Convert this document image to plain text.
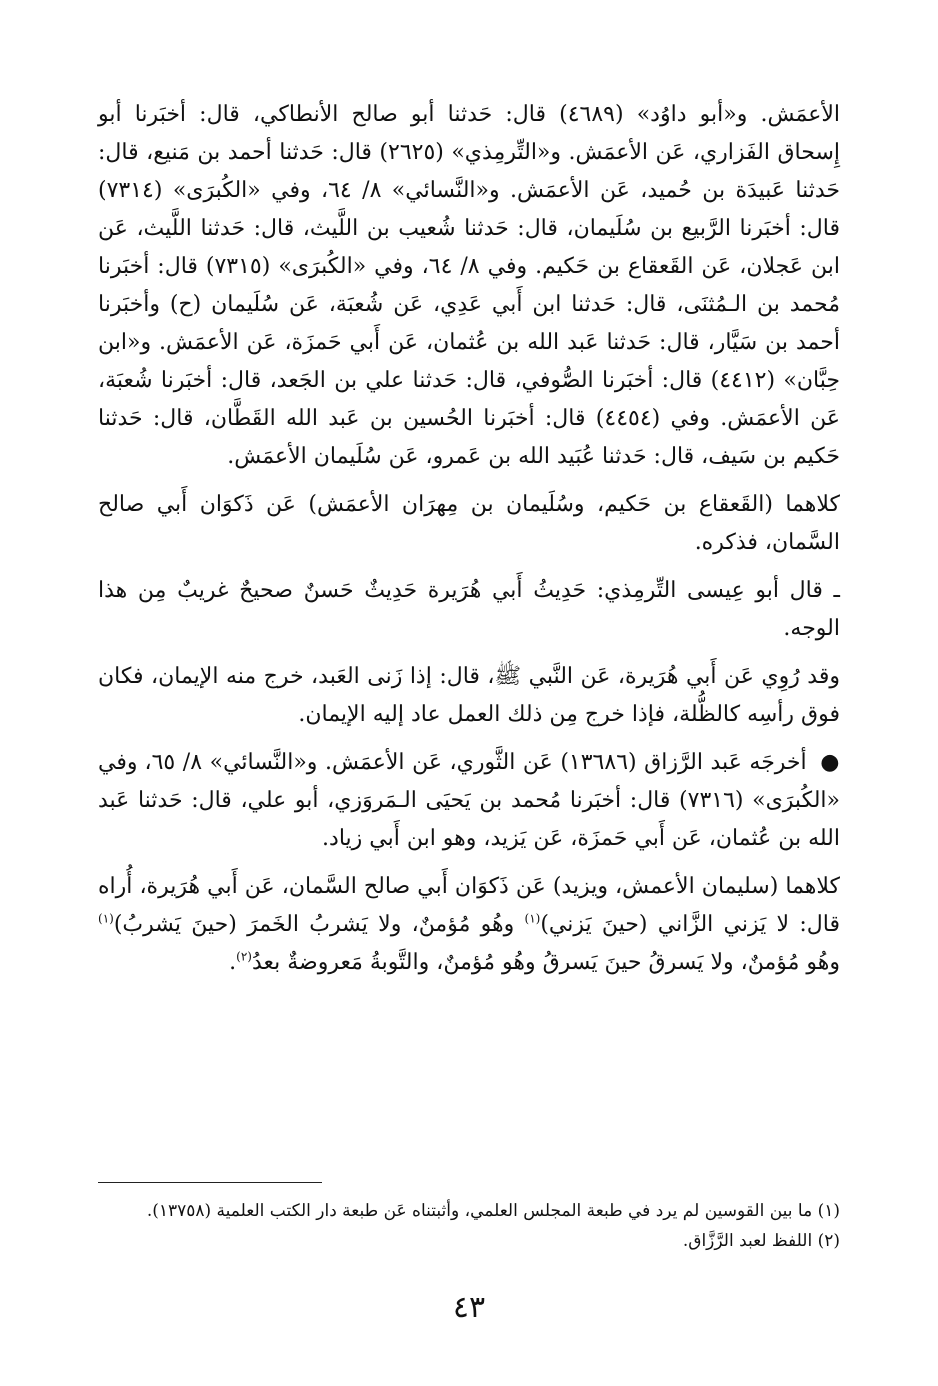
الأعمَش. و«أبو داوُد» (٤٦٨٩) قال: حَدثنا أبو صالح الأنطاكي، قال: أخبَرنا أبو إِسحاق الفَزاري، عَن الأعمَش. و«التِّرمِذي» (٢٦٢٥) قال: حَدثنا أحمد بن مَنيع، قال: حَدثنا عَبيدَة بن حُميد، عَن الأعمَش. و«النَّسائي» ٨/ ٦٤، وفي «الكُبرَى» (٧٣١٤) قال: أخبَرنا الرَّبيع بن سُلَيمان، قال: حَدثنا شُعيب بن اللَّيث، قال: حَدثنا اللَّيث، عَن ابن عَجلان، عَن القَعقاع بن حَكيم. وفي ٨/ ٦٤، وفي «الكُبرَى» (٧٣١٥) قال: أخبَرنا مُحمد بن الـمُثنَى، قال: حَدثنا ابن أَبي عَدِي، عَن شُعبَة، عَن سُلَيمان (ح) وأخبَرنا أحمد بن سَيَّار، قال: حَدثنا عَبد الله بن عُثمان، عَن أَبي حَمزَة، عَن الأعمَش. و«ابن حِبَّان» (٤٤١٢) قال: أخبَرنا الصُّوفي، قال: حَدثنا علي بن الجَعد، قال: أخبَرنا شُعبَة، عَن الأعمَش. وفي (٤٤٥٤) قال: أخبَرنا الحُسين بن عَبد الله القَطَّان، قال: حَدثنا حَكيم بن سَيف، قال: حَدثنا عُبَيد الله بن عَمرو، عَن سُلَيمان الأعمَش.

كلاهما (القَعقاع بن حَكيم، وسُلَيمان بن مِهرَان الأعمَش) عَن ذَكوَان أَبي صالح السَّمان، فذكره.

ـ قال أبو عِيسى التِّرمِذي: حَدِيثُ أَبي هُرَيرة حَدِيثٌ حَسنٌ صحيحٌ غريبٌ مِن هذا الوجه.

وقد رُوِي عَن أَبي هُرَيرة، عَن النَّبي ﷺ، قال: إذا زَنى العَبد، خرج منه الإيمان، فكان فوق رأسِه كالظُّلة، فإذا خرج مِن ذلك العمل عاد إليه الإيمان.

● أخرجَه عَبد الرَّزاق (١٣٦٨٦) عَن الثَّوري، عَن الأعمَش. و«النَّسائي» ٨/ ٦٥، وفي «الكُبرَى» (٧٣١٦) قال: أخبَرنا مُحمد بن يَحيَى الـمَروَزي، أبو علي، قال: حَدثنا عَبد الله بن عُثمان، عَن أَبي حَمزَة، عَن يَزيد، وهو ابن أَبي زياد.

كلاهما (سليمان الأعمش، ويزيد) عَن ذَكوَان أَبي صالح السَّمان، عَن أَبي هُرَيرة، أُراه قال: لا يَزني الزَّاني (حينَ يَزني)$^{(١)}$ وهُو مُؤمنٌ، ولا يَشربُ الخَمرَ (حينَ يَشربُ)$^{(١)}$ وهُو مُؤمنٌ، ولا يَسرقُ حينَ يَسرقُ وهُو مُؤمنٌ، والتَّوبةُ مَعروضةٌ بعدُ$^{(٢)}$.

(١) ما بين القوسين لم يرد في طبعة المجلس العلمي، وأثبتناه عَن طبعة دار الكتب العلمية (١٣٧٥٨).

(٢) اللفظ لعبد الرَّزَّاق.

٤٣
